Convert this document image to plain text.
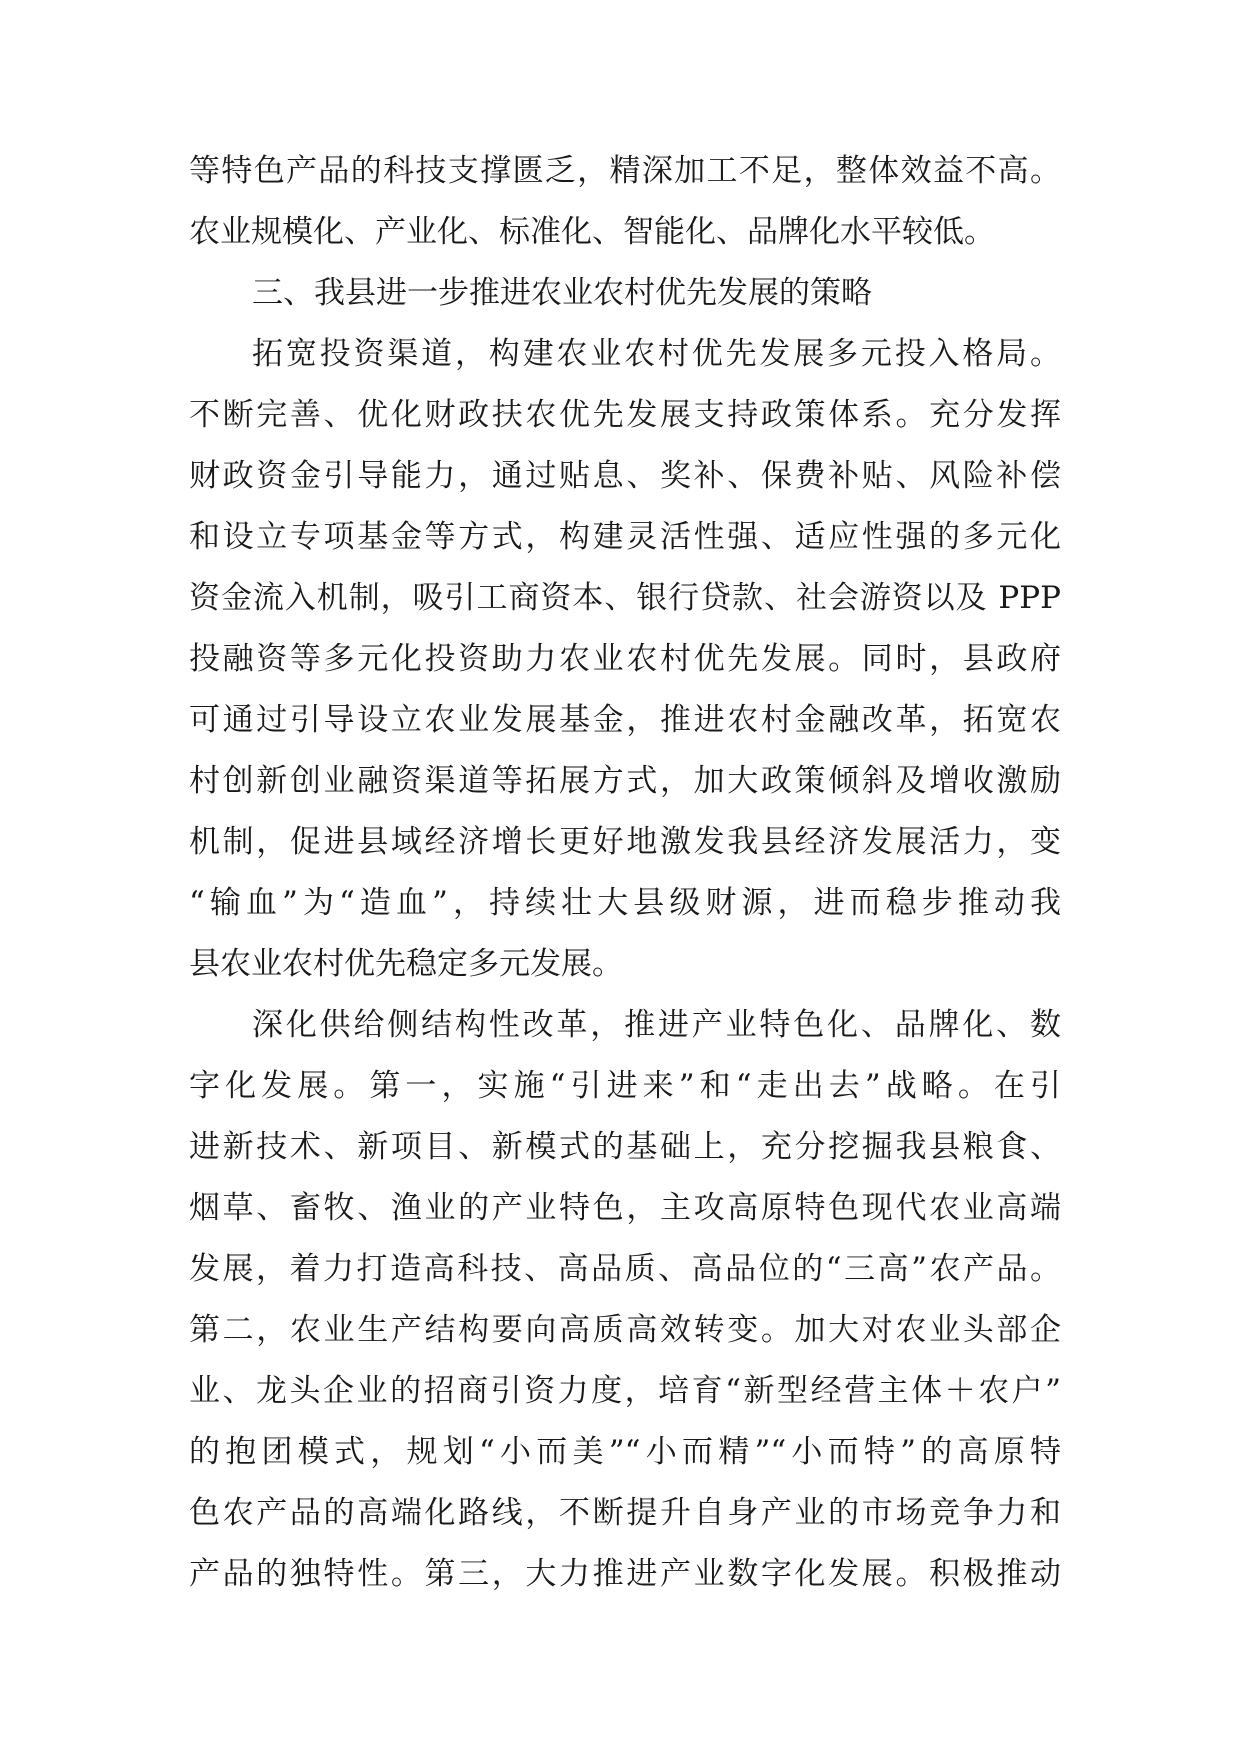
等特色产品的科技支撑匮乏，精深加工不足，整体效益不高。
农业规模化、产业化、标准化、智能化、品牌化水平较低。
三、我县进一步推进农业农村优先发展的策略
拓宽投资渠道，构建农业农村优先发展多元投入格局。
不断完善、优化财政扶农优先发展支持政策体系。充分发挥
财政资金引导能力，通过贴息、奖补、保费补贴、风险补偿
和设立专项基金等方式，构建灵活性强、适应性强的多元化
资金流入机制，吸引工商资本、银行贷款、社会游资以及 PPP
投融资等多元化投资助力农业农村优先发展。同时，县政府
可通过引导设立农业发展基金，推进农村金融改革，拓宽农
村创新创业融资渠道等拓展方式，加大政策倾斜及增收激励
机制，促进县域经济增长更好地激发我县经济发展活力，变
“输血”为“造血”，持续壮大县级财源，进而稳步推动我
县农业农村优先稳定多元发展。
深化供给侧结构性改革，推进产业特色化、品牌化、数
字化发展。第一，实施“引进来”和“走出去”战略。在引
进新技术、新项目、新模式的基础上，充分挖掘我县粮食、
烟草、畜牧、渔业的产业特色，主攻高原特色现代农业高端
发展，着力打造高科技、高品质、高品位的“三高”农产品。
第二，农业生产结构要向高质高效转变。加大对农业头部企
业、龙头企业的招商引资力度，培育“新型经营主体＋农户”
的抱团模式，规划“小而美”“小而精”“小而特”的高原特
色农产品的高端化路线，不断提升自身产业的市场竞争力和
产品的独特性。第三，大力推进产业数字化发展。积极推动
